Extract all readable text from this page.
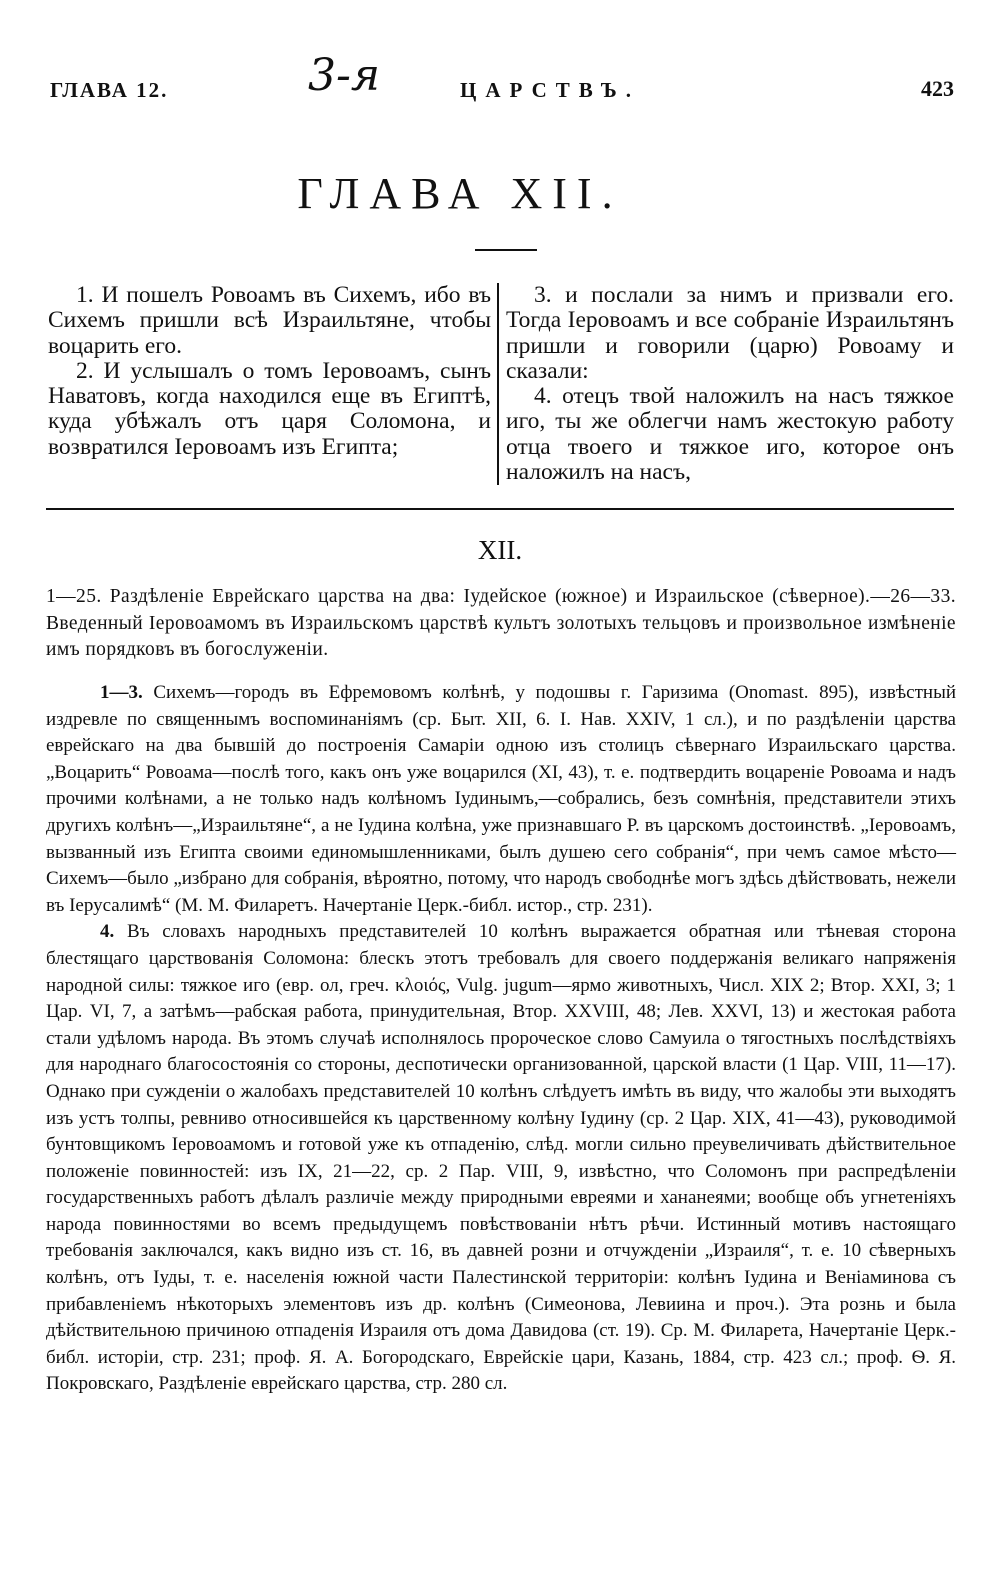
ГЛАВА 12.	3-я	ЦАРСТВЪ.	423
ГЛАВА XII.

1. И пошелъ Ровоамъ въ Сихемъ, ибо въ Сихемъ пришли всѣ Израильтяне, чтобы воцарить его.

2. И услышалъ о томъ Іеровоамъ, сынъ Наватовъ, когда находился еще въ Египтѣ, куда убѣжалъ отъ царя Соломона, и возвратился Іеровоамъ изъ Египта;

3. и послали за нимъ и призвали его. Тогда Іеровоамъ и все собраніе Израильтянъ пришли и говорили (царю) Ровоаму и сказали:

4. отецъ твой наложилъ на насъ тяжкое иго, ты же облегчи намъ жестокую работу отца твоего и тяжкое иго, которое онъ наложилъ на насъ,

XII.

1—25. Раздѣленіе Еврейскаго царства на два: Іудейское (южное) и Израильское (сѣверное).—26—33. Введенный Іеровоамомъ въ Израильскомъ царствѣ культъ золотыхъ тельцовъ и произвольное измѣненіе имъ порядковъ въ богослуженіи.

1—3. Сихемъ—городъ въ Ефремовомъ колѣнѣ, у подошвы г. Гаризима (Onomast. 895), извѣстный издревле по священнымъ воспоминаніямъ (ср. Быт. XII, 6. I. Нав. XXIV, 1 сл.), и по раздѣленіи царства еврейскаго на два бывшій до построенія Самаріи одною изъ столицъ сѣвернаго Израильскаго царства. „Воцарить“ Ровоама—послѣ того, какъ онъ уже воцарился (XI, 43), т. е. подтвердить воцареніе Ровоама и надъ прочими колѣнами, а не только надъ колѣномъ Іудинымъ,—собрались, безъ сомнѣнія, представители этихъ другихъ колѣнъ—„Израильтяне“, а не Іудина колѣна, уже признавшаго Р. въ царскомъ достоинствѣ. „Іеровоамъ, вызванный изъ Египта своими единомышленниками, былъ душею сего собранія“, при чемъ самое мѣсто—Сихемъ—было „избрано для собранія, вѣроятно, потому, что народъ свободнѣе могъ здѣсь дѣйствовать, нежели въ Іерусалимѣ“ (М. М. Филаретъ. Начертаніе Церк.-библ. истор., стр. 231).

4. Въ словахъ народныхъ представителей 10 колѣнъ выражается обратная или тѣневая сторона блестящаго царствованія Соломона: блескъ этотъ требовалъ для своего поддержанія великаго напряженія народной силы: тяжкое иго (евр. ол, греч. κλοιός, Vulg. jugum—ярмо животныхъ, Числ. XIX 2; Втор. XXI, 3; 1 Цар. VI, 7, а затѣмъ—рабская работа, принудительная, Втор. XXVIII, 48; Лев. XXVI, 13) и жестокая работа стали удѣломъ народа. Въ этомъ случаѣ исполнялось пророческое слово Самуила о тягостныхъ послѣдствіяхъ для народнаго благосостоянія со стороны, деспотически организованной, царской власти (1 Цар. VIII, 11—17). Однако при сужденіи о жалобахъ представителей 10 колѣнъ слѣдуетъ имѣть въ виду, что жалобы эти выходятъ изъ устъ толпы, ревниво относившейся къ царственному колѣну Іудину (ср. 2 Цар. XIX, 41—43), руководимой бунтовщикомъ Іеровоамомъ и готовой уже къ отпаденію, слѣд. могли сильно преувеличивать дѣйствительное положеніе повинностей: изъ IX, 21—22, ср. 2 Пар. VIII, 9, извѣстно, что Соломонъ при распредѣленіи государственныхъ работъ дѣлалъ различіе между природными евреями и хананеями; вообще объ угнетеніяхъ народа повинностями во всемъ предыдущемъ повѣствованіи нѣтъ рѣчи. Истинный мотивъ настоящаго требованія заключался, какъ видно изъ ст. 16, въ давней розни и отчужденіи „Израиля“, т. е. 10 сѣверныхъ колѣнъ, отъ Іуды, т. е. населенія южной части Палестинской территоріи: колѣнъ Іудина и Веніаминова съ прибавленіемъ нѣкоторыхъ элементовъ изъ др. колѣнъ (Симеонова, Левиина и проч.). Эта рознь и была дѣйствительною причиною отпаденія Израиля отъ дома Давидова (ст. 19). Ср. М. Филарета, Начертаніе Церк.-библ. исторіи, стр. 231; проф. Я. А. Богородскаго, Еврейскіе цари, Казань, 1884, стр. 423 сл.; проф. Ѳ. Я. Покровскаго, Раздѣленіе еврейскаго царства, стр. 280 сл.
